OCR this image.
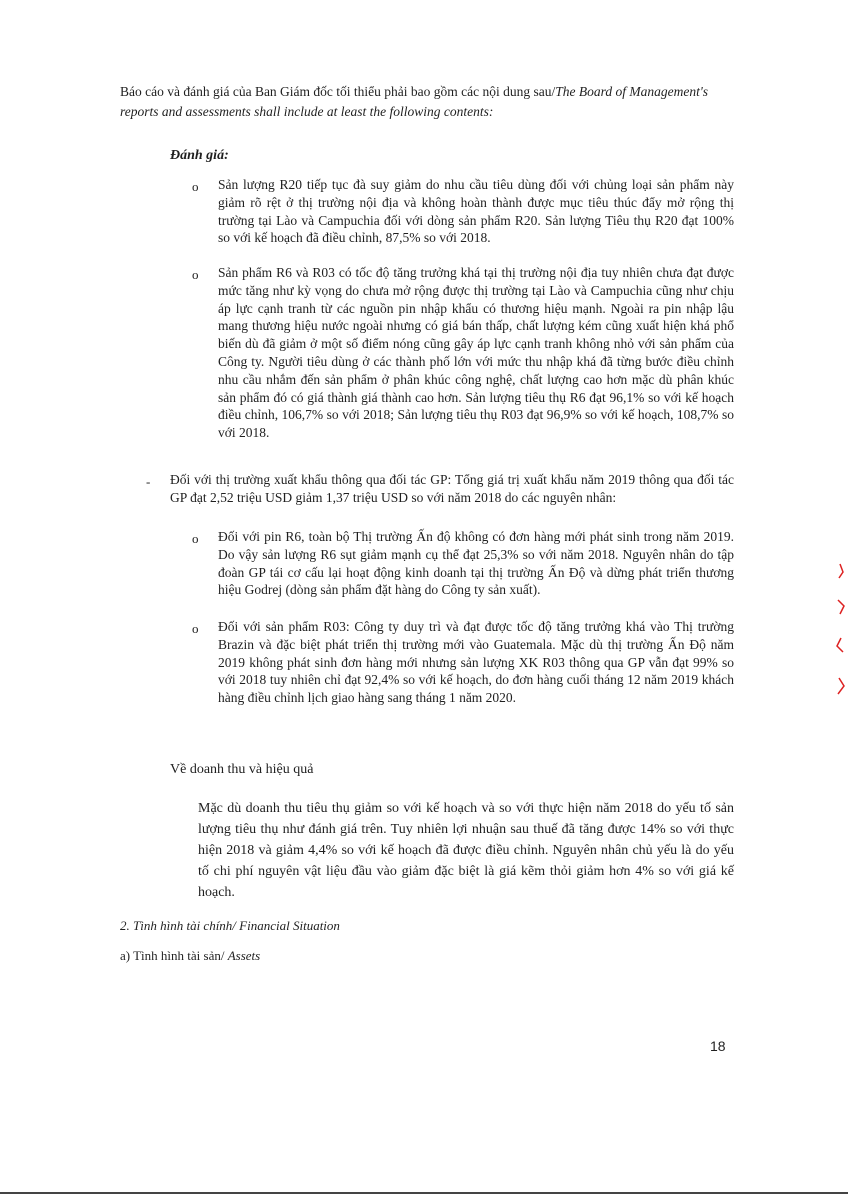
Báo cáo và đánh giá của Ban Giám đốc tối thiểu phải bao gồm các nội dung sau/The Board of Management's reports and assessments shall include at least the following contents:
Đánh giá:
o Sản lượng R20 tiếp tục đà suy giảm do nhu cầu tiêu dùng đối với chủng loại sản phẩm này giảm rõ rệt ở thị trường nội địa và không hoàn thành được mục tiêu thúc đẩy mở rộng thị trường tại Lào và Campuchia đối với dòng sản phẩm R20. Sản lượng Tiêu thụ R20 đạt 100% so với kế hoạch đã điều chỉnh, 87,5% so với 2018.
o Sản phẩm R6 và R03 có tốc độ tăng trưởng khá tại thị trường nội địa tuy nhiên chưa đạt được mức tăng như kỳ vọng do chưa mở rộng được thị trường tại Lào và Campuchia cũng như chịu áp lực cạnh tranh từ các nguồn pin nhập khẩu có thương hiệu mạnh. Ngoài ra pin nhập lậu mang thương hiệu nước ngoài nhưng có giá bán thấp, chất lượng kém cũng xuất hiện khá phổ biến dù đã giảm ở một số điểm nóng cũng gây áp lực cạnh tranh không nhỏ với sản phẩm của Công ty. Người tiêu dùng ở các thành phố lớn với mức thu nhập khá đã từng bước điều chỉnh nhu cầu nhắm đến sản phẩm ở phân khúc công nghệ, chất lượng cao hơn mặc dù phân khúc sản phẩm đó có giá thành giá thành cao hơn. Sản lượng tiêu thụ R6 đạt 96,1% so với kế hoạch điều chỉnh, 106,7% so với 2018; Sản lượng tiêu thụ R03 đạt 96,9% so với kế hoạch, 108,7% so với 2018.
- Đối với thị trường xuất khẩu thông qua đối tác GP: Tổng giá trị xuất khẩu năm 2019 thông qua đối tác GP đạt 2,52 triệu USD giảm 1,37 triệu USD so với năm 2018 do các nguyên nhân:
o Đối với pin R6, toàn bộ Thị trường Ấn độ không có đơn hàng mới phát sinh trong năm 2019. Do vậy sản lượng R6 sụt giảm mạnh cụ thể đạt 25,3% so với năm 2018. Nguyên nhân do tập đoàn GP tái cơ cấu lại hoạt động kinh doanh tại thị trường Ấn Độ và dừng phát triển thương hiệu Godrej (dòng sản phẩm đặt hàng do Công ty sản xuất).
o Đối với sản phẩm R03: Công ty duy trì và đạt được tốc độ tăng trưởng khá vào Thị trường Brazin và đặc biệt phát triển thị trường mới vào Guatemala. Mặc dù thị trường Ấn Độ năm 2019 không phát sinh đơn hàng mới nhưng sản lượng XK R03 thông qua GP vẫn đạt 99% so với 2018 tuy nhiên chỉ đạt 92,4% so với kế hoạch, do đơn hàng cuối tháng 12 năm 2019 khách hàng điều chỉnh lịch giao hàng sang tháng 1 năm 2020.
Về doanh thu và hiệu quả
Mặc dù doanh thu tiêu thụ giảm so với kế hoạch và so với thực hiện năm 2018 do yếu tố sản lượng tiêu thụ như đánh giá trên. Tuy nhiên lợi nhuận sau thuế đã tăng được 14% so với thực hiện 2018 và giảm 4,4% so với kế hoạch đã được điều chỉnh. Nguyên nhân chủ yếu là do yếu tố chi phí nguyên vật liệu đầu vào giảm đặc biệt là giá kẽm thỏi giảm hơn 4% so với giá kế hoạch.
2. Tình hình tài chính/ Financial Situation
a) Tình hình tài sản/ Assets
18
